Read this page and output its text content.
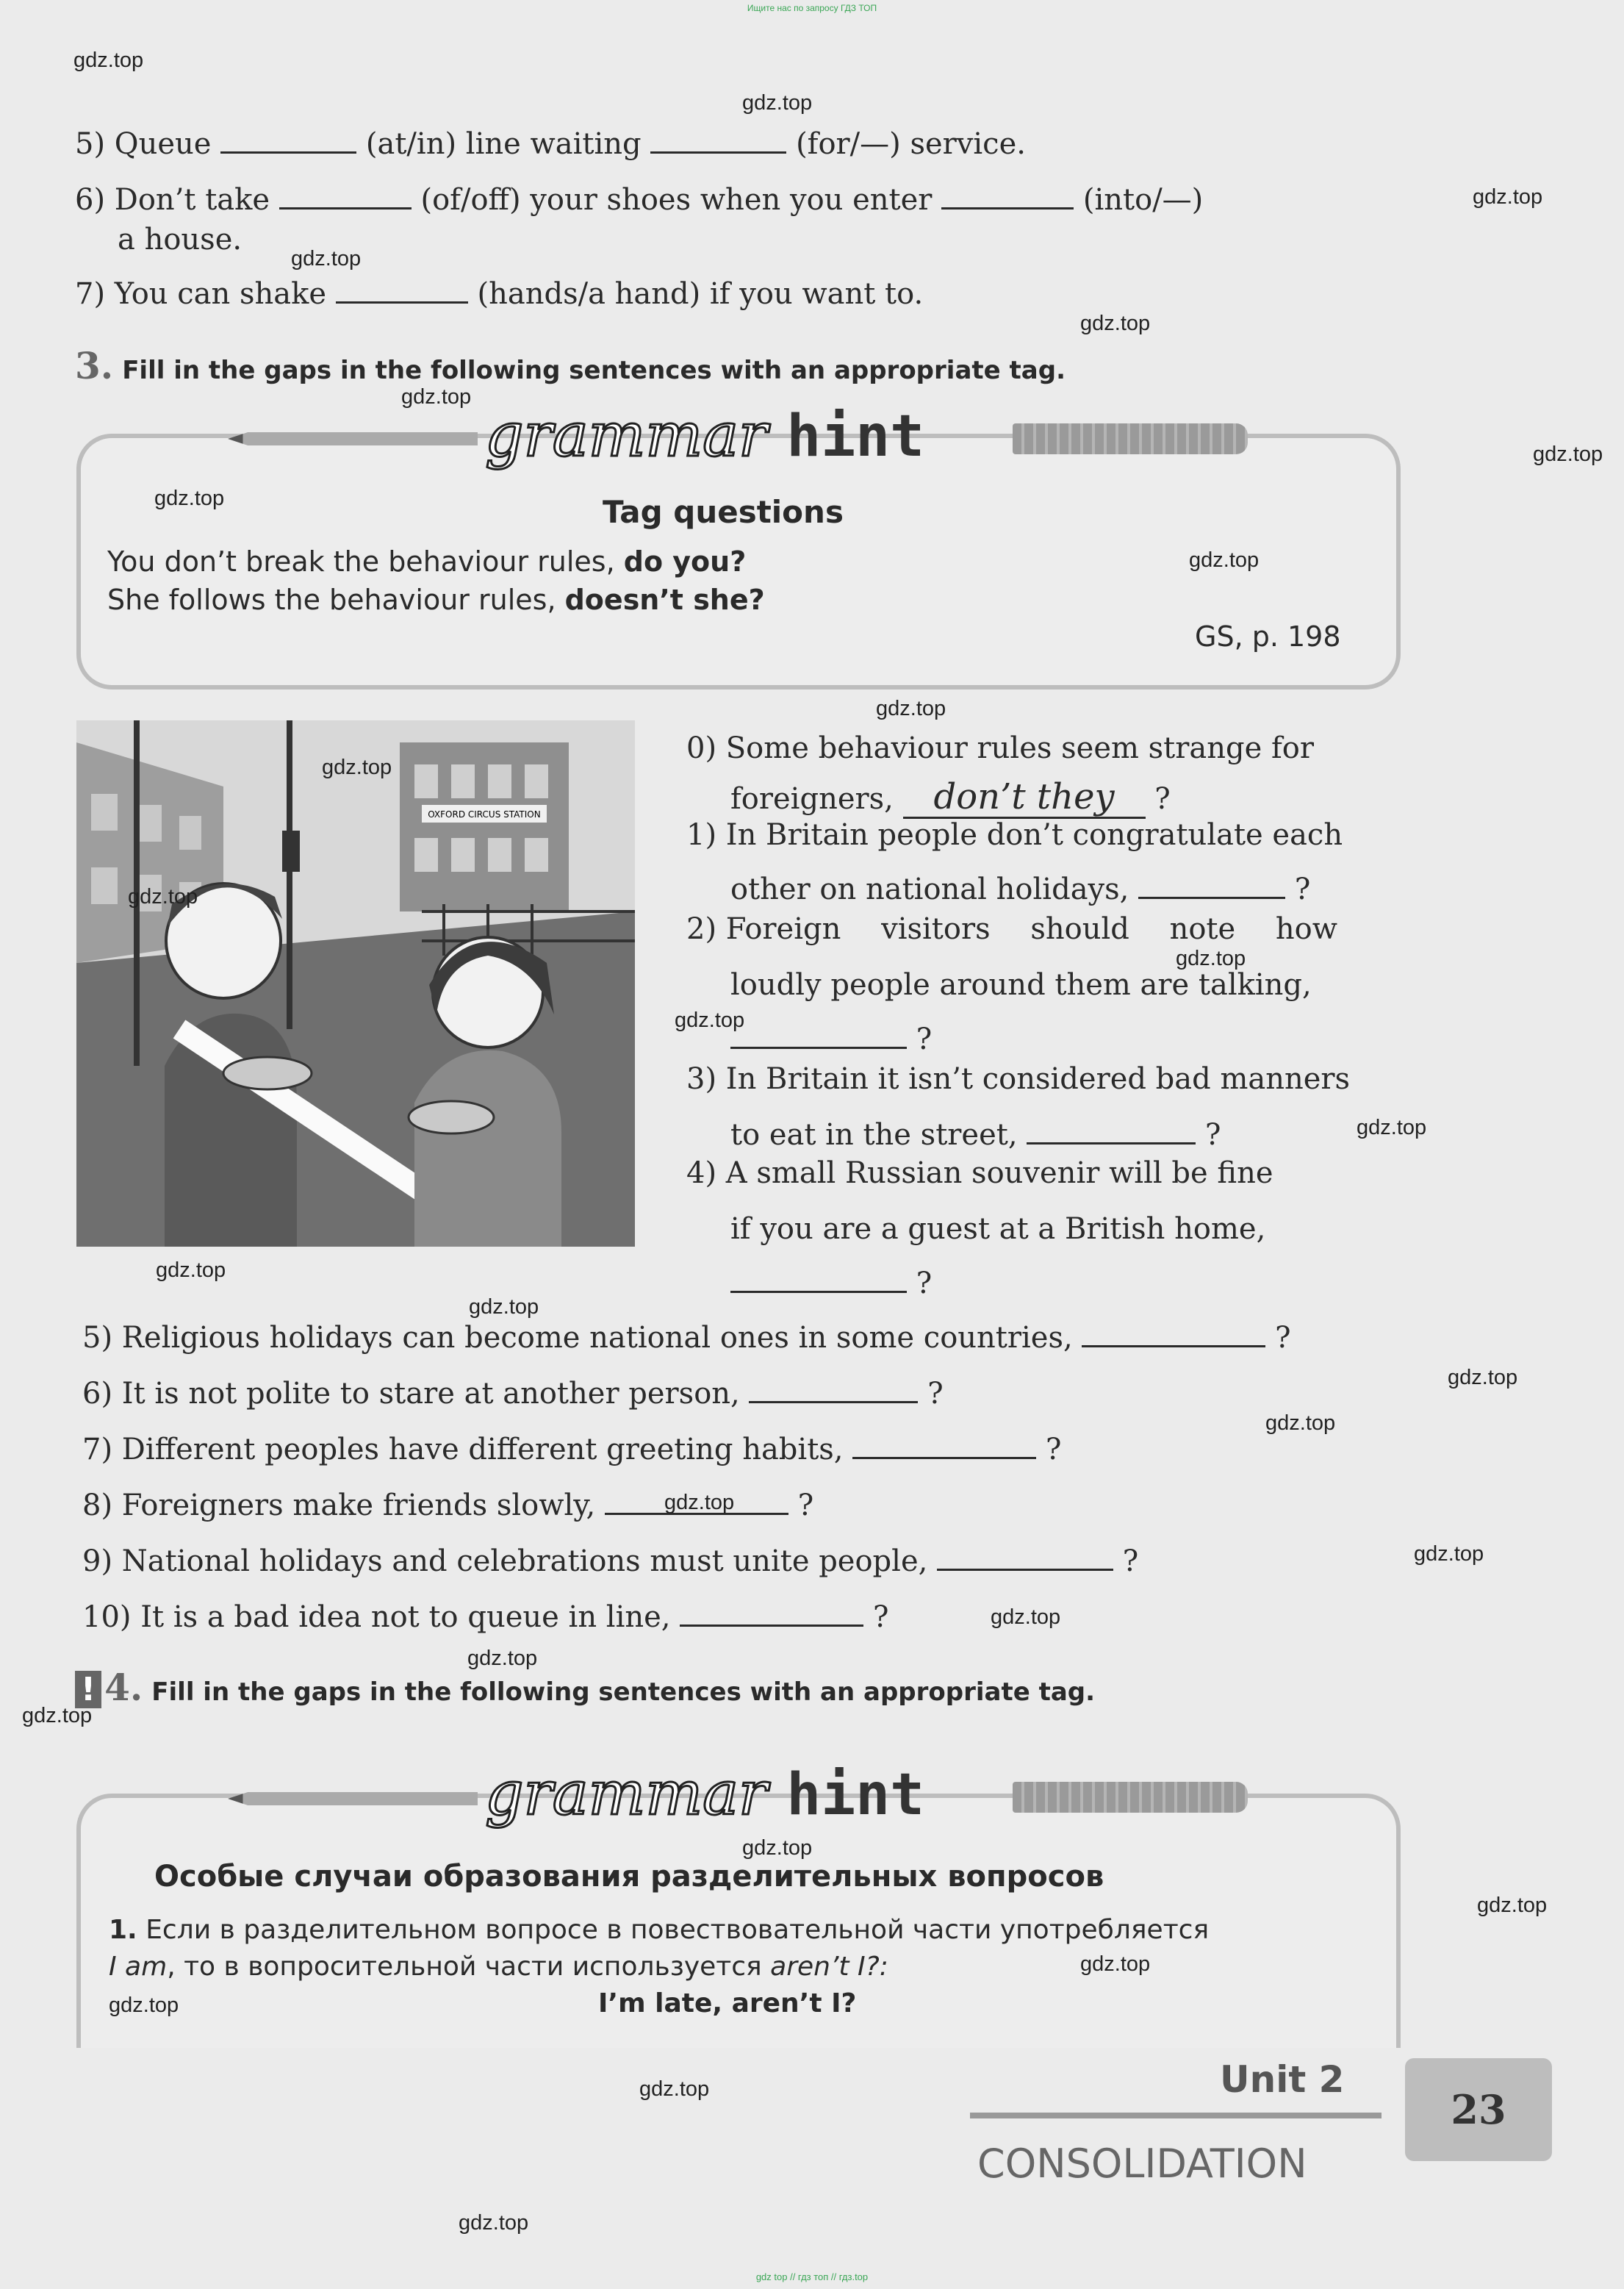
Ищите нас по запросу ГДЗ ТОП
gdz top // гдз топ // гдз.top
5) Queue	(at/in) line waiting	(for/—) service.
6) Don’t take	(of/off) your shoes when you enter	(into/—)
a house.
7) You can shake	(hands/a hand) if you want to.
3. Fill in the gaps in the following sentences with an appropriate tag.
grammar hint
Tag questions
You don’t break the behaviour rules, do you?
She follows the behaviour rules, doesn’t she?
GS, p. 198
OXFORD CIRCUS STATION
0) Some behaviour rules seem strange for
foreigners, don’t they ?
1) In Britain people don’t congratulate each
other on national holidays,	?
2) Foreign visitors should note how
loudly people around them are talking,
?
3) In Britain it isn’t considered bad manners
to eat in the street,	?
4) A small Russian souvenir will be fine
if you are a guest at a British home,
?
5) Religious holidays can become national ones in some countries,	?
6) It is not polite to stare at another person,	?
7) Different peoples have different greeting habits,	?
8) Foreigners make friends slowly,	?
9) National holidays and celebrations must unite people,	?
10) It is a bad idea not to queue in line,	?
! 4. Fill in the gaps in the following sentences with an appropriate tag.
grammar hint
Особые случаи образования разделительных вопросов
1. Если в разделительном вопросе в повествовательной части употребляется
I am, то в вопросительной части используется aren’t I?:
I’m late, aren’t I?
Unit 2
CONSOLIDATION
23
gdz.top
gdz.top
gdz.top
gdz.top
gdz.top
gdz.top
gdz.top
gdz.top
gdz.top
gdz.top
gdz.top
gdz.top
gdz.top
gdz.top
gdz.top
gdz.top
gdz.top
gdz.top
gdz.top
gdz.top
gdz.top
gdz.top
gdz.top
gdz.top
gdz.top
gdz.top
gdz.top
gdz.top
gdz.top
gdz.top
